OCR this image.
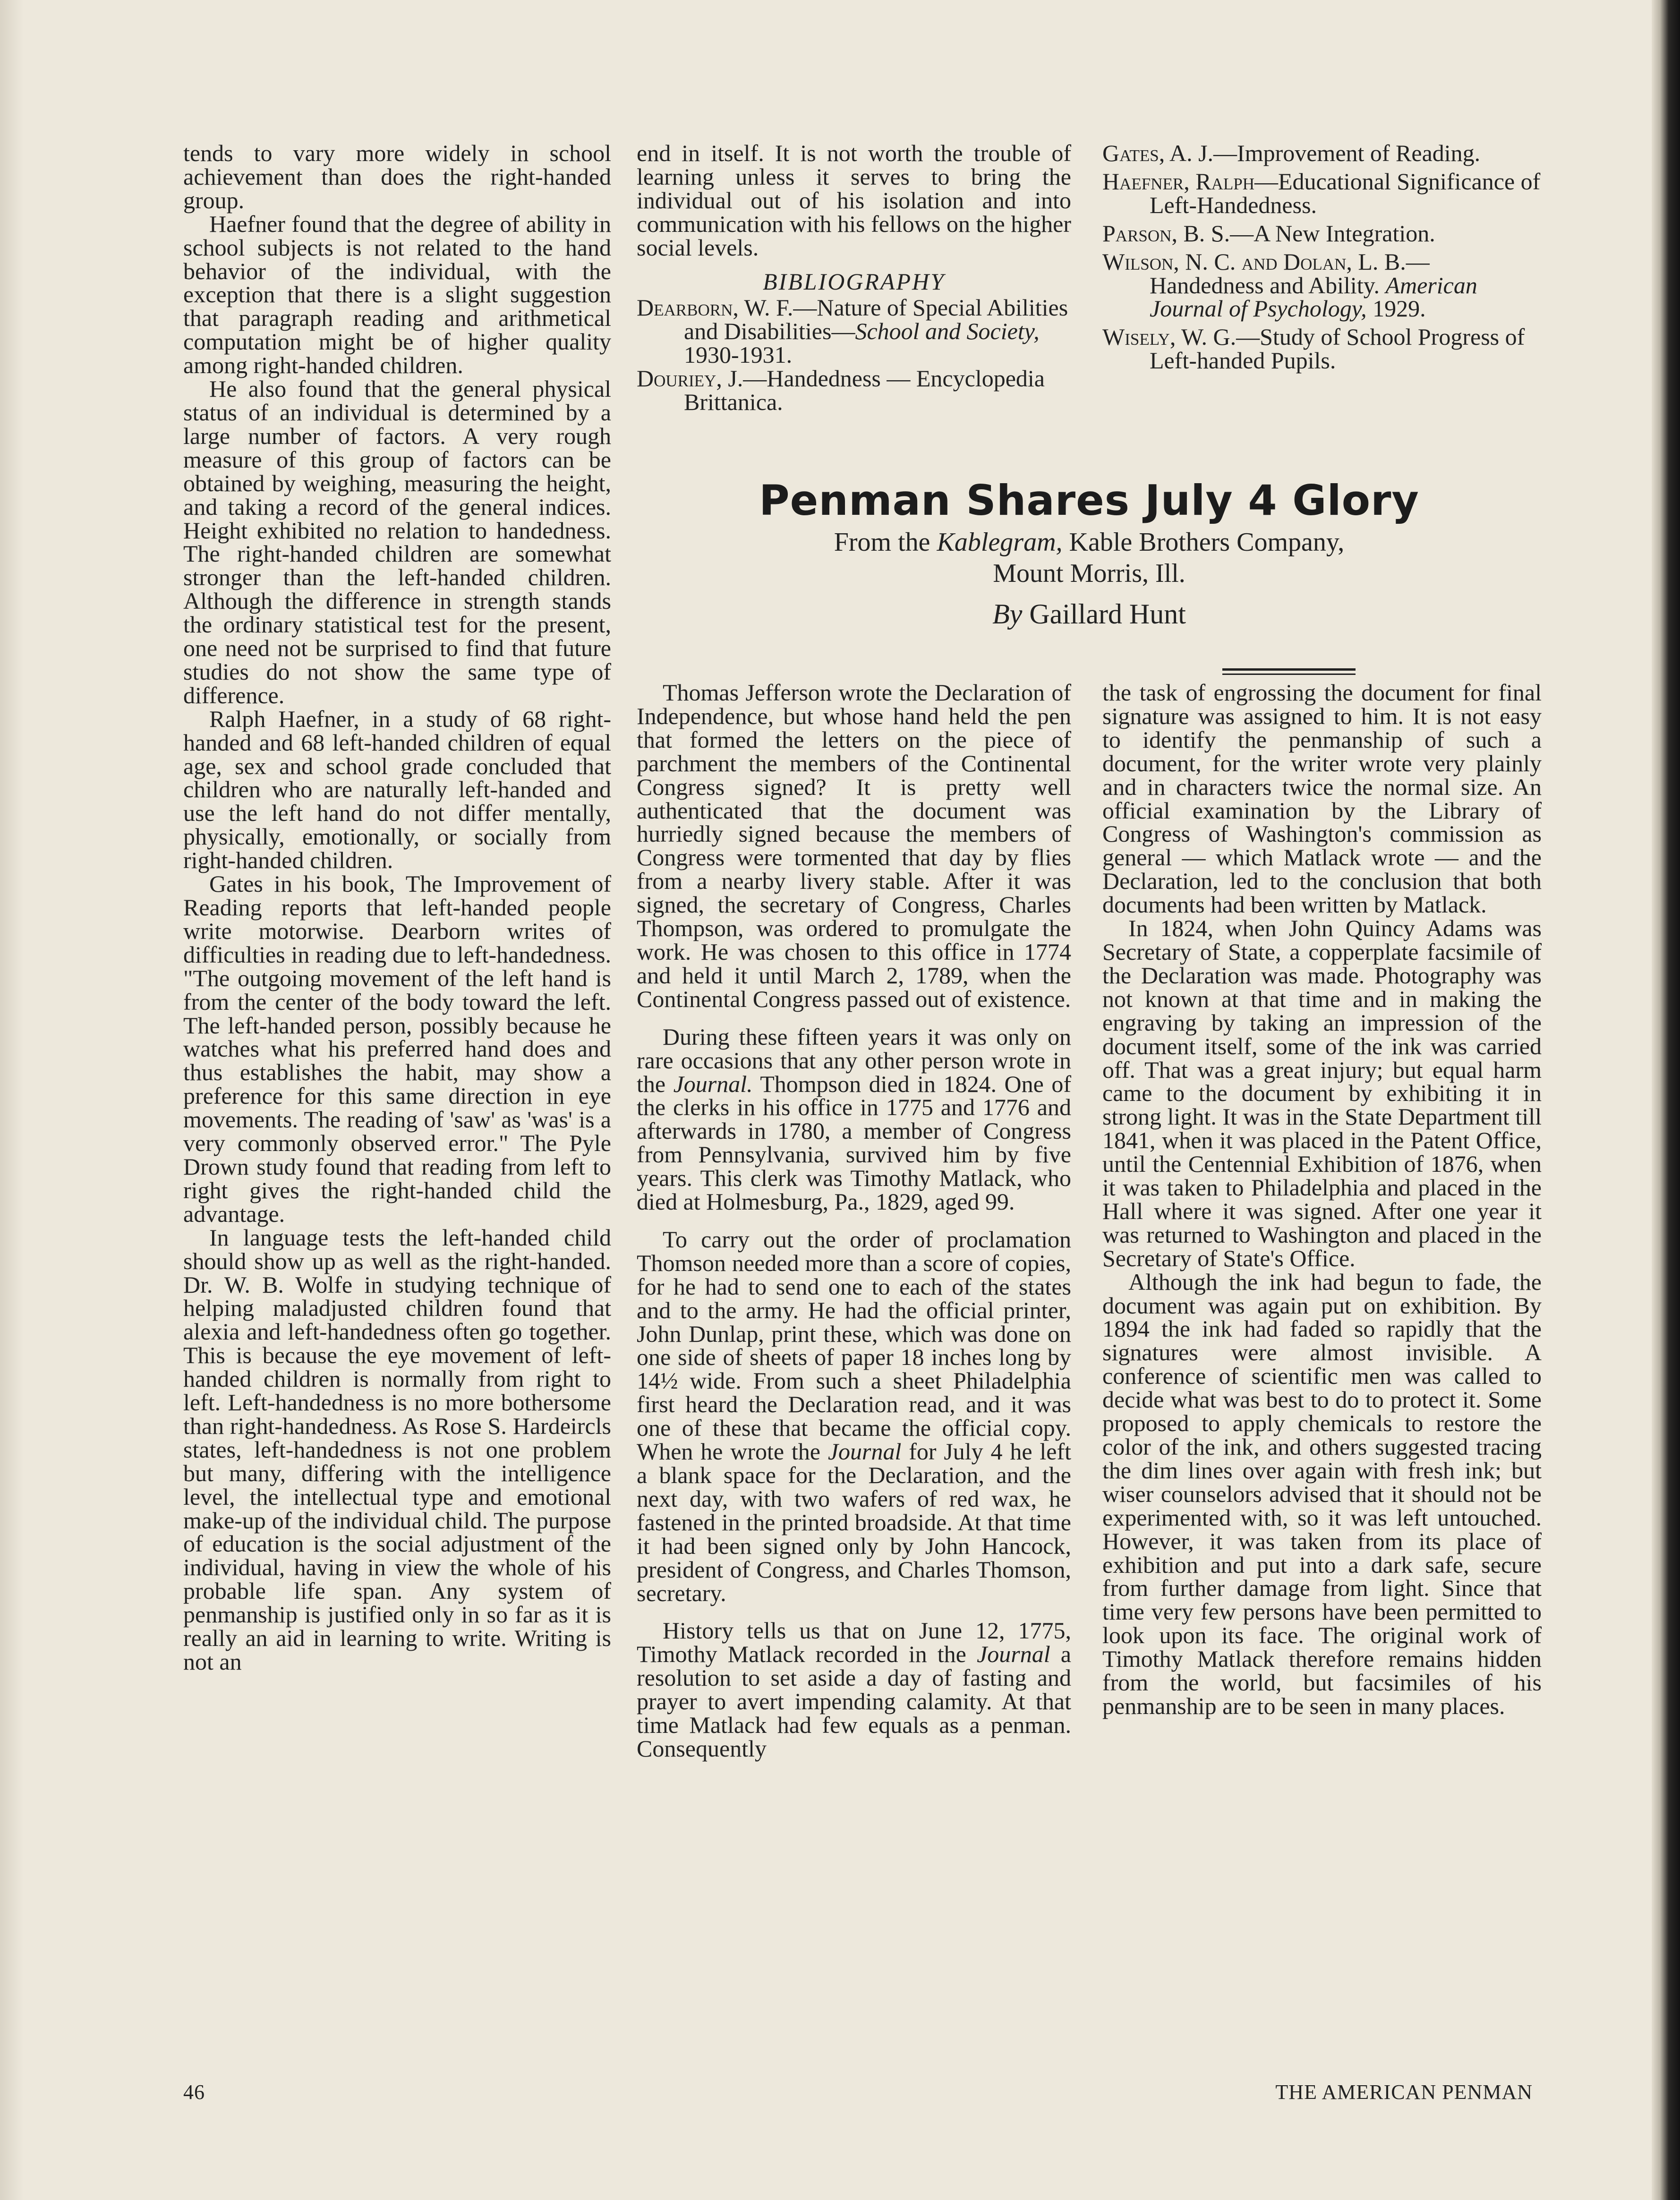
tends to vary more widely in school achievement than does the right-handed group.

Haefner found that the degree of ability in school subjects is not related to the hand behavior of the individual, with the exception that there is a slight suggestion that paragraph reading and arithmetical computation might be of higher quality among right-handed children.

He also found that the general physical status of an individual is determined by a large number of factors. A very rough measure of this group of factors can be obtained by weighing, measuring the height, and taking a record of the general indices. Height exhibited no relation to handedness. The right-handed children are somewhat stronger than the left-handed children. Although the difference in strength stands the ordinary statistical test for the present, one need not be surprised to find that future studies do not show the same type of difference.

Ralph Haefner, in a study of 68 right-handed and 68 left-handed children of equal age, sex and school grade concluded that children who are naturally left-handed and use the left hand do not differ mentally, physically, emotionally, or socially from right-handed children.

Gates in his book, The Improvement of Reading reports that left-handed people write motorwise. Dearborn writes of difficulties in reading due to left-handedness. "The outgoing movement of the left hand is from the center of the body toward the left. The left-handed person, possibly because he watches what his preferred hand does and thus establishes the habit, may show a preference for this same direction in eye movements. The reading of 'saw' as 'was' is a very commonly observed error." The Pyle Drown study found that reading from left to right gives the right-handed child the advantage.

In language tests the left-handed child should show up as well as the right-handed. Dr. W. B. Wolfe in studying technique of helping maladjusted children found that alexia and left-handedness often go together. This is because the eye movement of left-handed children is normally from right to left. Left-handedness is no more bothersome than right-handedness. As Rose S. Hardeircls states, left-handedness is not one problem but many, differing with the intelligence level, the intellectual type and emotional make-up of the individual child. The purpose of education is the social adjustment of the individual, having in view the whole of his probable life span. Any system of penmanship is justified only in so far as it is really an aid in learning to write. Writing is not an

end in itself. It is not worth the trouble of learning unless it serves to bring the individual out of his isolation and into communication with his fellows on the higher social levels.

BIBLIOGRAPHY
Dearborn, W. F.—Nature of Special Abilities and Disabilities—School and Society, 1930-1931.
Douriey, J.—Handedness — Encyclopedia Brittanica.
Gates, A. J.—Improvement of Reading.
Haefner, Ralph—Educational Significance of Left-Handedness.
Parson, B. S.—A New Integration.
Wilson, N. C. and Dolan, L. B.— Handedness and Ability. American Journal of Psychology, 1929.
Wisely, W. G.—Study of School Progress of Left-handed Pupils.
Penman Shares July 4 Glory
From the Kablegram, Kable Brothers Company,
Mount Morris, Ill.
By Gaillard Hunt

Thomas Jefferson wrote the Declaration of Independence, but whose hand held the pen that formed the letters on the piece of parchment the members of the Continental Congress signed? It is pretty well authenticated that the document was hurriedly signed because the members of Congress were tormented that day by flies from a nearby livery stable. After it was signed, the secretary of Congress, Charles Thompson, was ordered to promulgate the work. He was chosen to this office in 1774 and held it until March 2, 1789, when the Continental Congress passed out of existence.

During these fifteen years it was only on rare occasions that any other person wrote in the Journal. Thompson died in 1824. One of the clerks in his office in 1775 and 1776 and afterwards in 1780, a member of Congress from Pennsylvania, survived him by five years. This clerk was Timothy Matlack, who died at Holmesburg, Pa., 1829, aged 99.

To carry out the order of proclamation Thomson needed more than a score of copies, for he had to send one to each of the states and to the army. He had the official printer, John Dunlap, print these, which was done on one side of sheets of paper 18 inches long by 14½ wide. From such a sheet Philadelphia first heard the Declaration read, and it was one of these that became the official copy. When he wrote the Journal for July 4 he left a blank space for the Declaration, and the next day, with two wafers of red wax, he fastened in the printed broadside. At that time it had been signed only by John Hancock, president of Congress, and Charles Thomson, secretary.

History tells us that on June 12, 1775, Timothy Matlack recorded in the Journal a resolution to set aside a day of fasting and prayer to avert impending calamity. At that time Matlack had few equals as a penman. Consequently

the task of engrossing the document for final signature was assigned to him. It is not easy to identify the penmanship of such a document, for the writer wrote very plainly and in characters twice the normal size. An official examination by the Library of Congress of Washington's commission as general — which Matlack wrote — and the Declaration, led to the conclusion that both documents had been written by Matlack.

In 1824, when John Quincy Adams was Secretary of State, a copperplate facsimile of the Declaration was made. Photography was not known at that time and in making the engraving by taking an impression of the document itself, some of the ink was carried off. That was a great injury; but equal harm came to the document by exhibiting it in strong light. It was in the State Department till 1841, when it was placed in the Patent Office, until the Centennial Exhibition of 1876, when it was taken to Philadelphia and placed in the Hall where it was signed. After one year it was returned to Washington and placed in the Secretary of State's Office.

Although the ink had begun to fade, the document was again put on exhibition. By 1894 the ink had faded so rapidly that the signatures were almost invisible. A conference of scientific men was called to decide what was best to do to protect it. Some proposed to apply chemicals to restore the color of the ink, and others suggested tracing the dim lines over again with fresh ink; but wiser counselors advised that it should not be experimented with, so it was left untouched. However, it was taken from its place of exhibition and put into a dark safe, secure from further damage from light. Since that time very few persons have been permitted to look upon its face. The original work of Timothy Matlack therefore remains hidden from the world, but facsimiles of his penmanship are to be seen in many places.

46	THE AMERICAN PENMAN
